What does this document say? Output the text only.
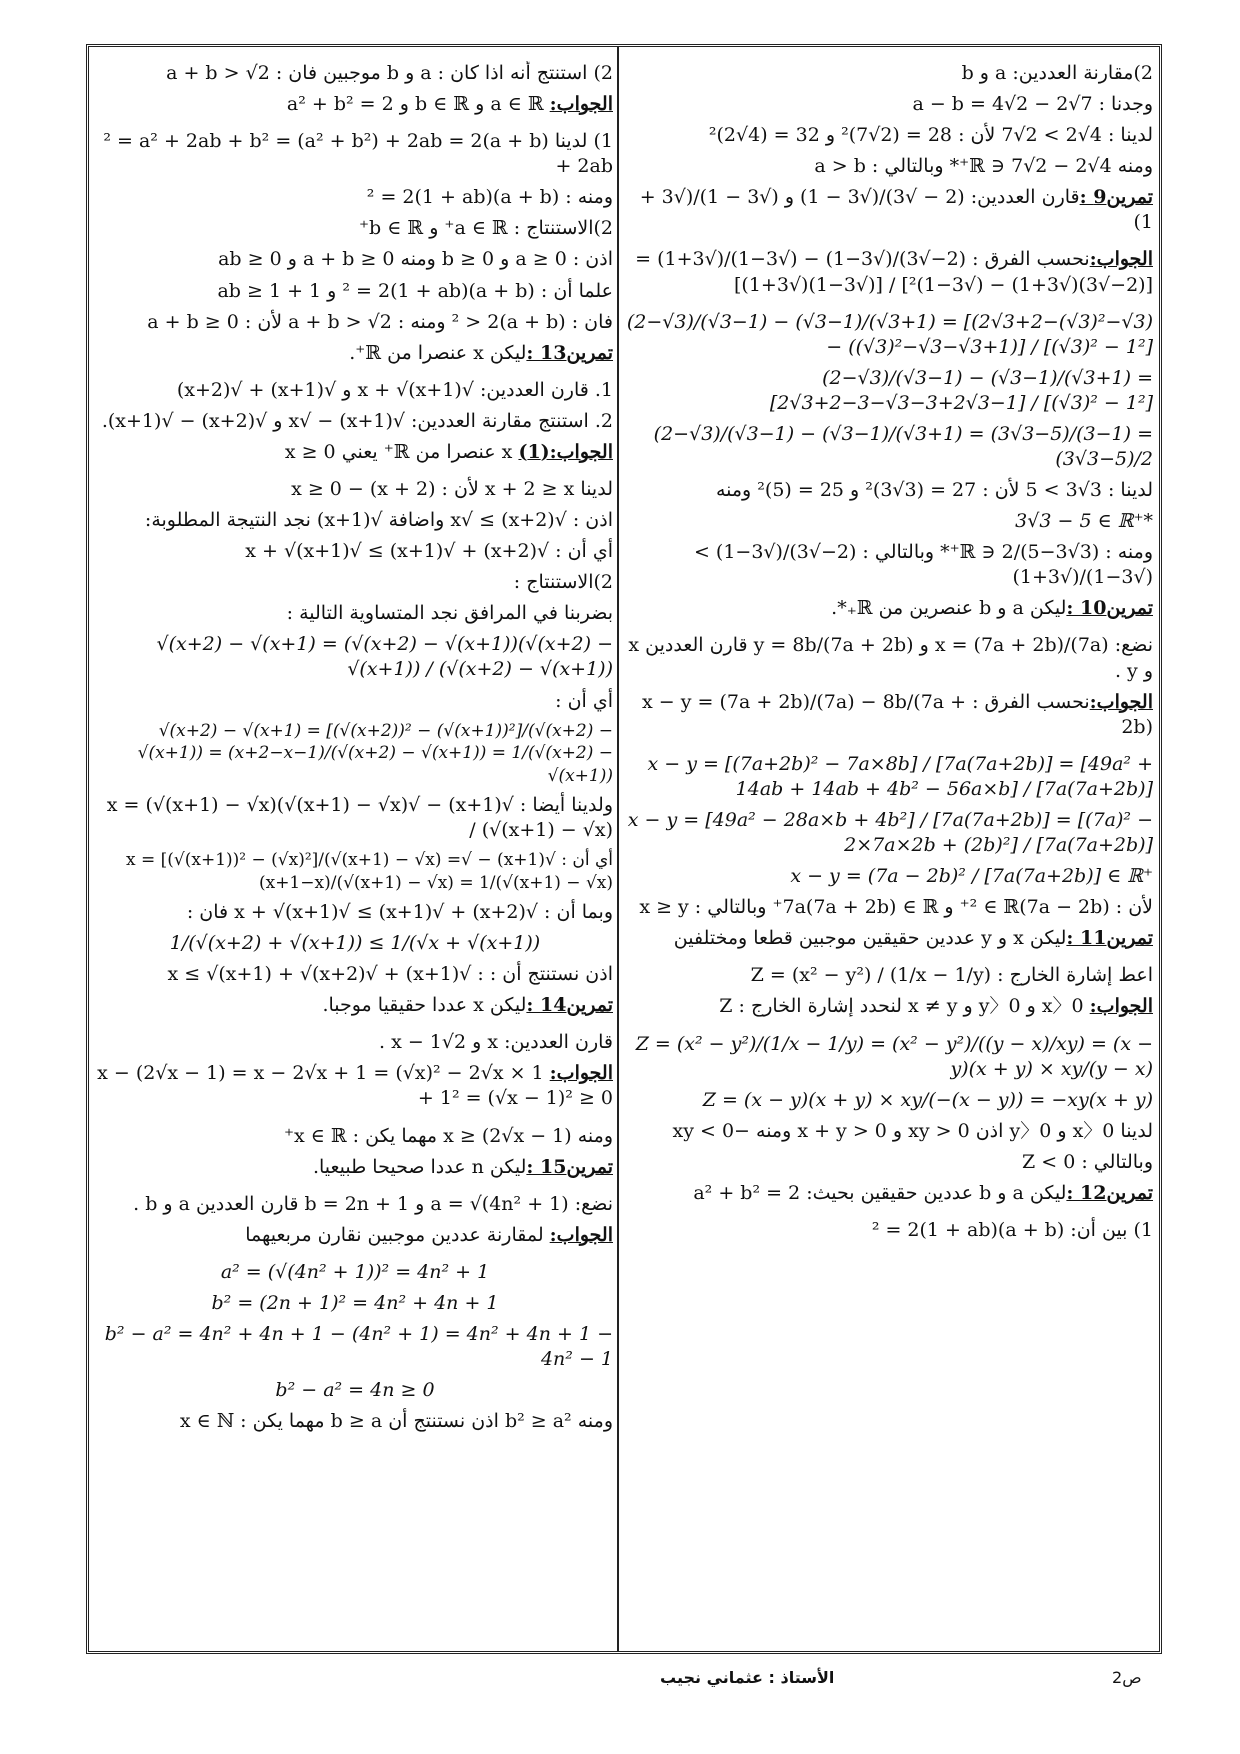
2)مقارنة العددين: a و b
وجدنا : a − b = 4√2 − 2√7
لدينا : 4√2 > 2√7 لأن : 28 = (2√7)² و 32 = (4√2)²
ومنه 4√2 − 2√7 ∈ ℝ⁺* وبالتالي : a > b
تمرين9 :قارن العددين: (2 − √3)/(√3 − 1) و (√3 − 1)/(√3 + 1)
الجواب:نحسب الفرق : (2−√3)/(√3−1) − (√3−1)/(√3+1) = [(2−√3)(√3+1) − (√3−1)²] / [(√3−1)(√3+1)]
(2−√3)/(√3−1) − (√3−1)/(√3+1) = [(2√3+2−(√3)²−√3) − ((√3)²−√3−√3+1)] / [(√3)² − 1²]
(2−√3)/(√3−1) − (√3−1)/(√3+1) = [2√3+2−3−√3−3+2√3−1] / [(√3)² − 1²]
(2−√3)/(√3−1) − (√3−1)/(√3+1) = (3√3−5)/(3−1) = (3√3−5)/2
لدينا : 3√3 > 5 لأن : 27 = (3√3)² و 25 = (5)² ومنه
3√3 − 5 ∈ ℝ⁺*
ومنه : (3√3−5)/2 ∈ ℝ⁺* وبالتالي : (2−√3)/(√3−1) > (√3−1)/(√3+1)
تمرين10 :ليكن a و b عنصرين من ℝ₊*.
نضع: x = (7a + 2b)/(7a) و y = 8b/(7a + 2b) قارن العددين x و y .
الجواب:نحسب الفرق : x − y = (7a + 2b)/(7a) − 8b/(7a + 2b)
x − y = [(7a+2b)² − 7a×8b] / [7a(7a+2b)] = [49a² + 14ab + 14ab + 4b² − 56a×b] / [7a(7a+2b)]
x − y = [49a² − 28a×b + 4b²] / [7a(7a+2b)] = [(7a)² − 2×7a×2b + (2b)²] / [7a(7a+2b)]
x − y = (7a − 2b)² / [7a(7a+2b)] ∈ ℝ⁺
لأن : (7a − 2b)² ∈ ℝ⁺ و 7a(7a + 2b) ∈ ℝ⁺ وبالتالي : x ≥ y
تمرين11 :ليكن x و y عددين حقيقين موجبين قطعا ومختلفين
اعط إشارة الخارج : Z = (x² − y²) / (1/x − 1/y)
الجواب: x〉0 و y〉0 و x ≠ y لنحدد إشارة الخارج : Z
Z = (x² − y²)/(1/x − 1/y) = (x² − y²)/((y − x)/xy) = (x − y)(x + y) × xy/(y − x)
Z = (x − y)(x + y) × xy/(−(x − y)) = −xy(x + y)
لدينا x〉0 و y〉0 اذن xy > 0 و x + y > 0 ومنه −xy < 0
وبالتالي : Z < 0
تمرين12 :ليكن a و b عددين حقيقين بحيث: a² + b² = 2
1) بين أن: (a + b)² = 2(1 + ab)
2) استنتج أنه اذا كان : a و b موجبين فان : a + b > √2
الجواب: a ∈ ℝ و b ∈ ℝ و a² + b² = 2
1) لدينا (a + b)² = a² + 2ab + b² = (a² + b²) + 2ab = 2 + 2ab
ومنه : (a + b)² = 2(1 + ab)
2)الاستنتاج : a ∈ ℝ⁺ و b ∈ ℝ⁺
اذن : a ≥ 0 و b ≥ 0 ومنه a + b ≥ 0 و ab ≥ 0
علما أن : (a + b)² = 2(1 + ab) و 1 + ab ≥ 1
فان : (a + b)² > 2 ومنه : a + b > √2 لأن : a + b ≥ 0
تمرين13 :ليكن x عنصرا من ℝ⁺.
1. قارن العددين: √x + √(x+1) و √(x+1) + √(x+2)
2. استنتج مقارنة العددين: √(x+1) − √x و √(x+2) − √(x+1).
الجواب:(1) x عنصرا من ℝ⁺ يعني x ≥ 0
لدينا x + 2 ≥ x لأن : (x + 2) − x ≥ 0
اذن : √(x+2) ≥ √x واضافة √(x+1) نجد النتيجة المطلوبة:
أي أن : √(x+2) + √(x+1) ≥ √x + √(x+1)
2)الاستنتاج :
بضربنا في المرافق نجد المتساوية التالية :
√(x+2) − √(x+1) = (√(x+2) − √(x+1))(√(x+2) − √(x+1)) / (√(x+2) − √(x+1))
أي أن :
√(x+2) − √(x+1) = [(√(x+2))² − (√(x+1))²]/(√(x+2) − √(x+1)) = (x+2−x−1)/(√(x+2) − √(x+1)) = 1/(√(x+2) − √(x+1))
ولدينا أيضا : √(x+1) − √x = (√(x+1) − √x)(√(x+1) − √x) / (√(x+1) − √x)
أي أن : √(x+1) − √x = [(√(x+1))² − (√x)²]/(√(x+1) − √x) = (x+1−x)/(√(x+1) − √x) = 1/(√(x+1) − √x)
وبما أن : √(x+2) + √(x+1) ≥ √x + √(x+1) فان :
1/(√(x+2) + √(x+1)) ≤ 1/(√x + √(x+1))
اذن نستنتج أن : : √(x+1) + √x ≤ √(x+1) + √(x+2)
تمرين14 :ليكن x عددا حقيقيا موجبا.
قارن العددين: x و 2√x − 1 .
الجواب: x − (2√x − 1) = x − 2√x + 1 = (√x)² − 2√x × 1 + 1² = (√x − 1)² ≥ 0
ومنه x ≥ (2√x − 1) مهما يكن : x ∈ ℝ⁺
تمرين15 :ليكن n عددا صحيحا طبيعيا.
نضع: a = √(4n² + 1) و b = 2n + 1 قارن العددين a و b .
الجواب: لمقارنة عددين موجبين نقارن مربعيهما
a² = (√(4n² + 1))² = 4n² + 1
b² = (2n + 1)² = 4n² + 4n + 1
b² − a² = 4n² + 4n + 1 − (4n² + 1) = 4n² + 4n + 1 − 4n² − 1
b² − a² = 4n ≥ 0
ومنه b² ≥ a² اذن نستنتج أن b ≥ a مهما يكن : x ∈ ℕ
الأستاذ : عثماني نجيب	ص2
